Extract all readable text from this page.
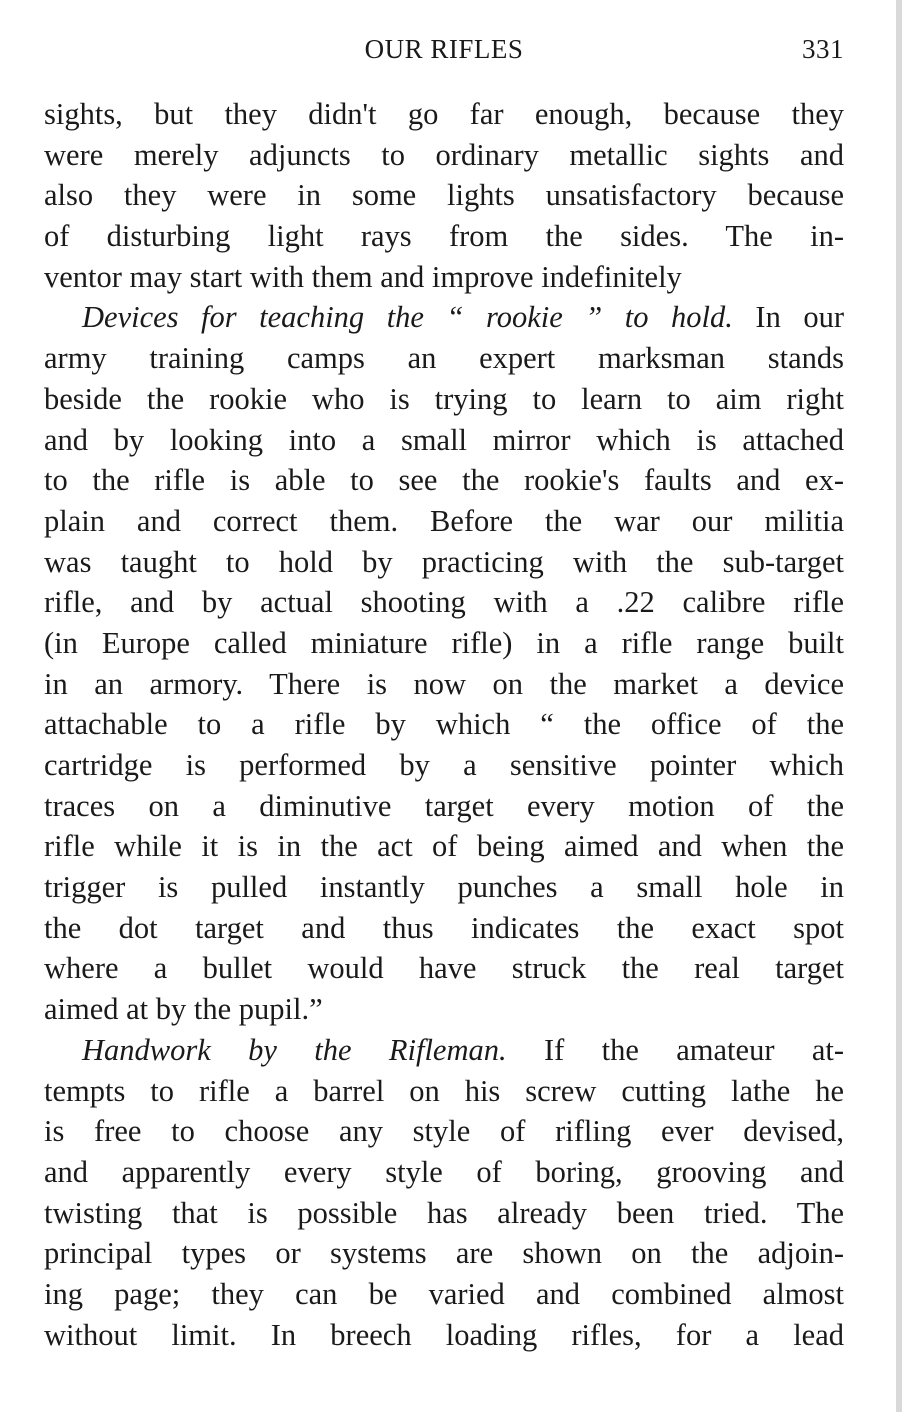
OUR RIFLES	331
sights, but they didn't go far enough, because they
were merely adjuncts to ordinary metallic sights and
also they were in some lights unsatisfactory because
of disturbing light rays from the sides. The in-
ventor may start with them and improve indefinitely
Devices for teaching the “ rookie ” to hold. In our
army training camps an expert marksman stands
beside the rookie who is trying to learn to aim right
and by looking into a small mirror which is attached
to the rifle is able to see the rookie's faults and ex-
plain and correct them. Before the war our militia
was taught to hold by practicing with the sub-target
rifle, and by actual shooting with a .22 calibre rifle
(in Europe called miniature rifle) in a rifle range built
in an armory. There is now on the market a device
attachable to a rifle by which “ the office of the
cartridge is performed by a sensitive pointer which
traces on a diminutive target every motion of the
rifle while it is in the act of being aimed and when the
trigger is pulled instantly punches a small hole in
the dot target and thus indicates the exact spot
where a bullet would have struck the real target
aimed at by the pupil.”
Handwork by the Rifleman. If the amateur at-
tempts to rifle a barrel on his screw cutting lathe he
is free to choose any style of rifling ever devised,
and apparently every style of boring, grooving and
twisting that is possible has already been tried. The
principal types or systems are shown on the adjoin-
ing page; they can be varied and combined almost
without limit. In breech loading rifles, for a lead
